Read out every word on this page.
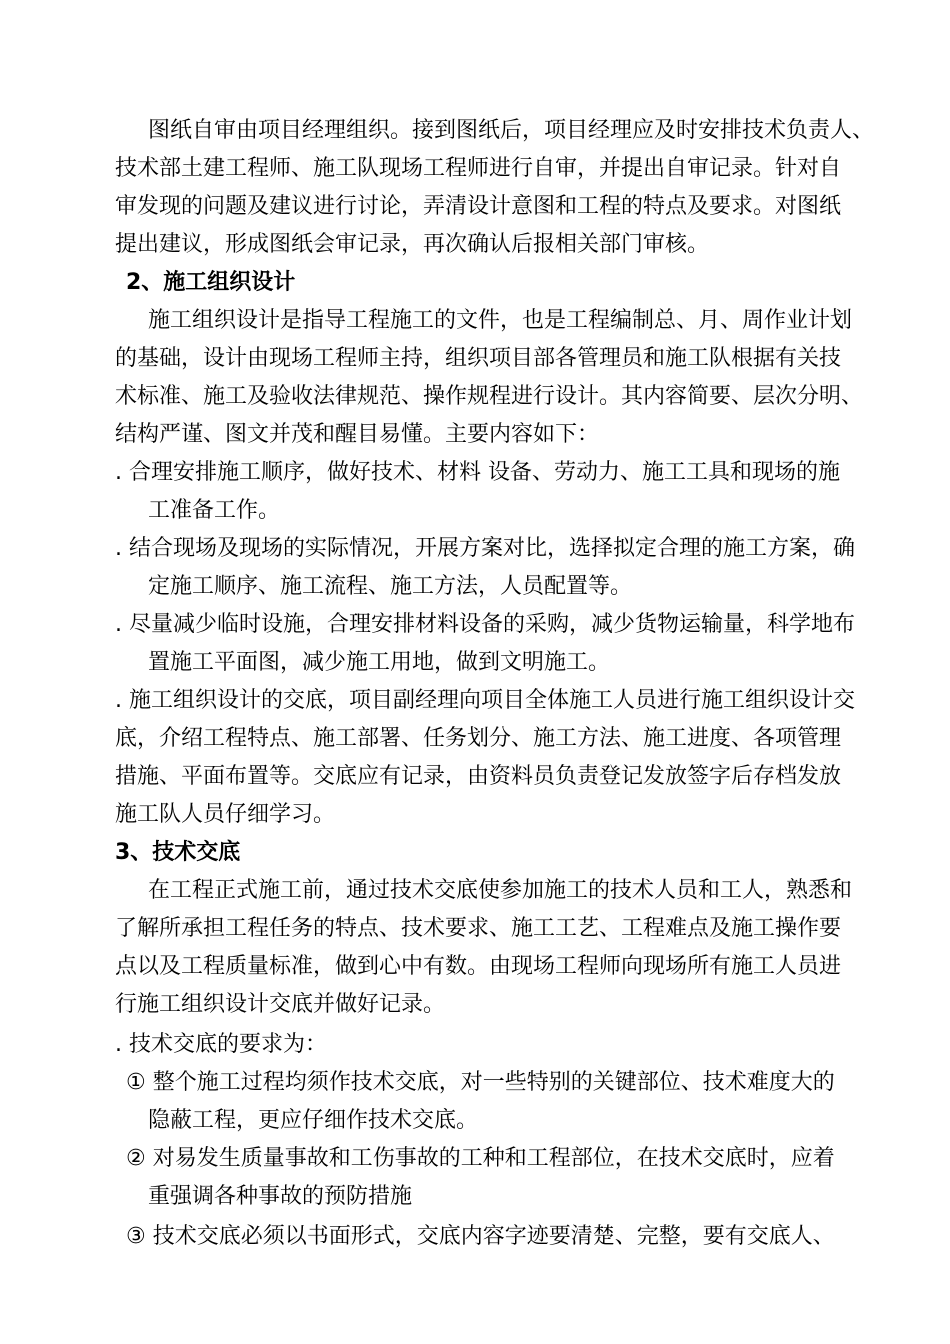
图纸自审由项目经理组织。接到图纸后，项目经理应及时安排技术负责人、
技术部土建工程师、施工队现场工程师进行自审，并提出自审记录。针对自
审发现的问题及建议进行讨论，弄清设计意图和工程的特点及要求。对图纸
提出建议，形成图纸会审记录，再次确认后报相关部门审核。
2、施工组织设计
施工组织设计是指导工程施工的文件，也是工程编制总、月、周作业计划
的基础，设计由现场工程师主持，组织项目部各管理员和施工队根据有关技
术标准、施工及验收法律规范、操作规程进行设计。其内容简要、层次分明、
结构严谨、图文并茂和醒目易懂。主要内容如下：
. 合理安排施工顺序，做好技术、材料 设备、劳动力、施工工具和现场的施
工准备工作。
. 结合现场及现场的实际情况，开展方案对比，选择拟定合理的施工方案，确
定施工顺序、施工流程、施工方法，人员配置等。
. 尽量减少临时设施，合理安排材料设备的采购，减少货物运输量，科学地布
置施工平面图，减少施工用地，做到文明施工。
. 施工组织设计的交底，项目副经理向项目全体施工人员进行施工组织设计交
底，介绍工程特点、施工部署、任务划分、施工方法、施工进度、各项管理
措施、平面布置等。交底应有记录，由资料员负责登记发放签字后存档发放
施工队人员仔细学习。
3、技术交底
在工程正式施工前，通过技术交底使参加施工的技术人员和工人，熟悉和
了解所承担工程任务的特点、技术要求、施工工艺、工程难点及施工操作要
点以及工程质量标准，做到心中有数。由现场工程师向现场所有施工人员进
行施工组织设计交底并做好记录。
. 技术交底的要求为：
① 整个施工过程均须作技术交底，对一些特别的关键部位、技术难度大的
隐蔽工程，更应仔细作技术交底。
② 对易发生质量事故和工伤事故的工种和工程部位，在技术交底时，应着
重强调各种事故的预防措施
③ 技术交底必须以书面形式，交底内容字迹要清楚、完整，要有交底人、
